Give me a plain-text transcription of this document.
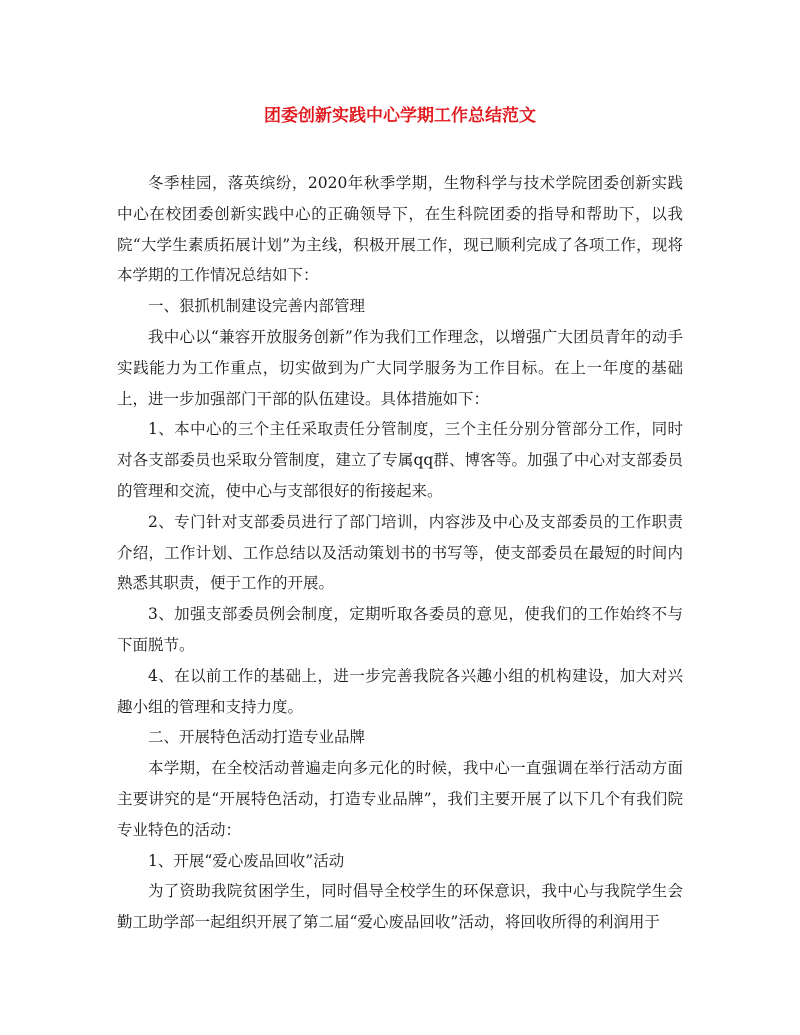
团委创新实践中心学期工作总结范文

冬季桂园，落英缤纷，2020年秋季学期，生物科学与技术学院团委创新实践中心在校团委创新实践中心的正确领导下，在生科院团委的指导和帮助下，以我院“大学生素质拓展计划”为主线，积极开展工作，现已顺利完成了各项工作，现将本学期的工作情况总结如下：

一、狠抓机制建设完善内部管理

我中心以“兼容开放服务创新”作为我们工作理念，以增强广大团员青年的动手实践能力为工作重点，切实做到为广大同学服务为工作目标。在上一年度的基础上，进一步加强部门干部的队伍建设。具体措施如下：

1、本中心的三个主任采取责任分管制度，三个主任分别分管部分工作，同时对各支部委员也采取分管制度，建立了专属qq群、博客等。加强了中心对支部委员的管理和交流，使中心与支部很好的衔接起来。

2、专门针对支部委员进行了部门培训，内容涉及中心及支部委员的工作职责介绍，工作计划、工作总结以及活动策划书的书写等，使支部委员在最短的时间内熟悉其职责，便于工作的开展。

3、加强支部委员例会制度，定期听取各委员的意见，使我们的工作始终不与下面脱节。

4、在以前工作的基础上，进一步完善我院各兴趣小组的机构建设，加大对兴趣小组的管理和支持力度。

二、开展特色活动打造专业品牌

本学期，在全校活动普遍走向多元化的时候，我中心一直强调在举行活动方面主要讲究的是“开展特色活动，打造专业品牌”，我们主要开展了以下几个有我们院专业特色的活动：

1、开展“爱心废品回收”活动

为了资助我院贫困学生，同时倡导全校学生的环保意识，我中心与我院学生会勤工助学部一起组织开展了第二届“爱心废品回收”活动，将回收所得的利润用于
